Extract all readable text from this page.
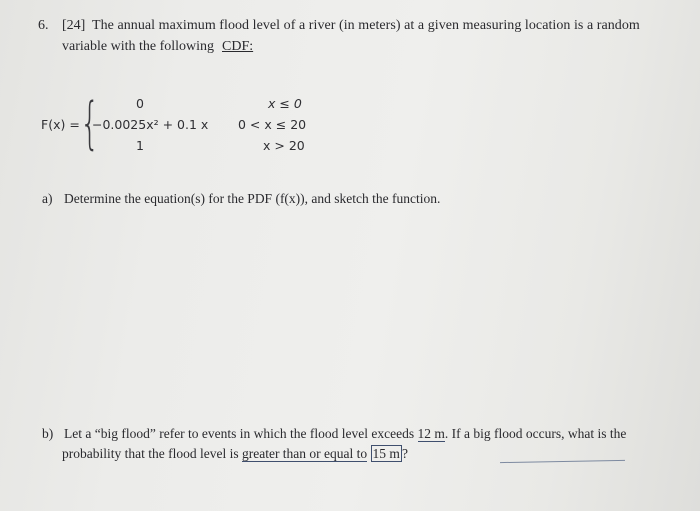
6. [24] The annual maximum flood level of a river (in meters) at a given measuring location is a random
variable with the following CDF:
F(x) = {	0
−0.0025x² + 0.1 x
1
x ≤ 0
0 < x ≤ 20
x > 20
a) Determine the equation(s) for the PDF (f(x)), and sketch the function.
b) Let a “big flood” refer to events in which the flood level exceeds 12 m. If a big flood occurs, what is the
probability that the flood level is greater than or equal to 15 m ?
